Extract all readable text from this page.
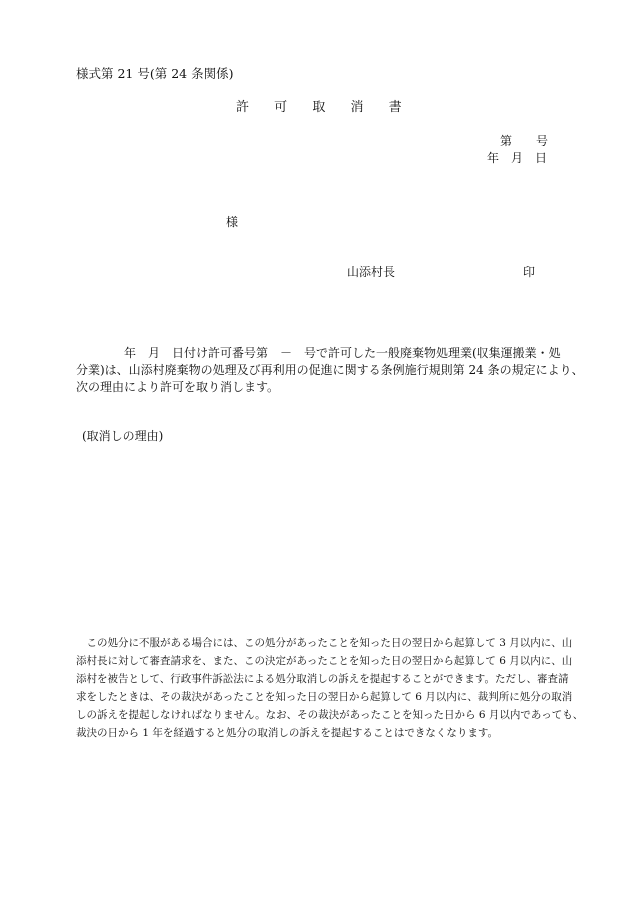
様式第 21 号(第 24 条関係)
許 可 取 消 書
第　　号
年　月　日
様
山添村長	印
　　　　年　月　日付け許可番号第　－　号で許可した一般廃棄物処理業(収集運搬業・処
分業)は、山添村廃棄物の処理及び再利用の促進に関する条例施行規則第 24 条の規定により、
次の理由により許可を取り消します。
(取消しの理由)
　この処分に不服がある場合には、この処分があったことを知った日の翌日から起算して 3 月以内に、山
添村長に対して審査請求を、また、この決定があったことを知った日の翌日から起算して 6 月以内に、山
添村を被告として、行政事件訴訟法による処分取消しの訴えを提起することができます。ただし、審査請
求をしたときは、その裁決があったことを知った日の翌日から起算して 6 月以内に、裁判所に処分の取消
しの訴えを提起しなければなりません。なお、その裁決があったことを知った日から 6 月以内であっても、
裁決の日から 1 年を経過すると処分の取消しの訴えを提起することはできなくなります。
